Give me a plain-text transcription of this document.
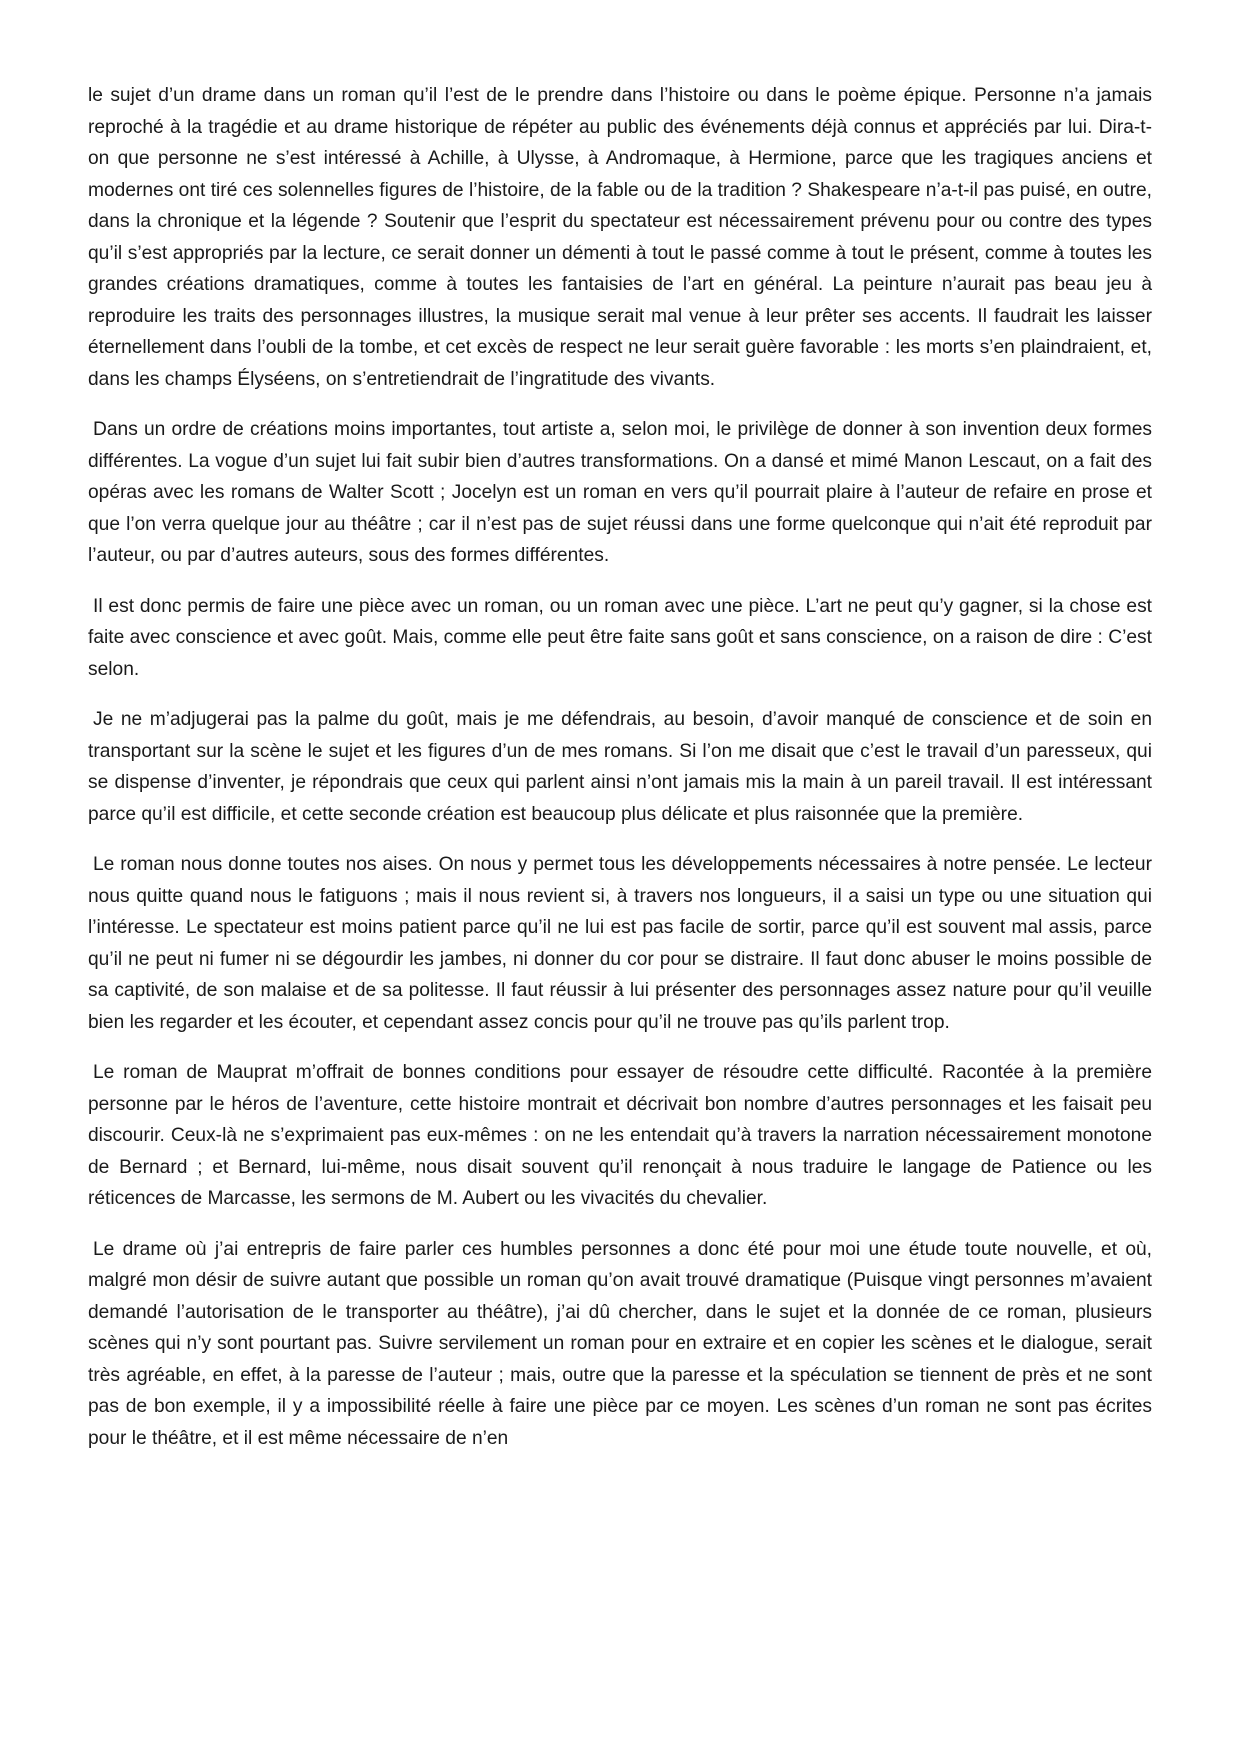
le sujet d’un drame dans un roman qu’il l’est de le prendre dans l’histoire ou dans le poème épique. Personne n’a jamais reproché à la tragédie et au drame historique de répéter au public des événements déjà connus et appréciés par lui. Dira-t-on que personne ne s’est intéressé à Achille, à Ulysse, à Andromaque, à Hermione, parce que les tragiques anciens et modernes ont tiré ces solennelles figures de l’histoire, de la fable ou de la tradition ? Shakespeare n’a-t-il pas puisé, en outre, dans la chronique et la légende ? Soutenir que l’esprit du spectateur est nécessairement prévenu pour ou contre des types qu’il s’est appropriés par la lecture, ce serait donner un démenti à tout le passé comme à tout le présent, comme à toutes les grandes créations dramatiques, comme à toutes les fantaisies de l’art en général. La peinture n’aurait pas beau jeu à reproduire les traits des personnages illustres, la musique serait mal venue à leur prêter ses accents. Il faudrait les laisser éternellement dans l’oubli de la tombe, et cet excès de respect ne leur serait guère favorable : les morts s’en plaindraient, et, dans les champs Élyséens, on s’entretiendrait de l’ingratitude des vivants.

Dans un ordre de créations moins importantes, tout artiste a, selon moi, le privilège de donner à son invention deux formes différentes. La vogue d’un sujet lui fait subir bien d’autres transformations. On a dansé et mimé Manon Lescaut, on a fait des opéras avec les romans de Walter Scott ; Jocelyn est un roman en vers qu’il pourrait plaire à l’auteur de refaire en prose et que l’on verra quelque jour au théâtre ; car il n’est pas de sujet réussi dans une forme quelconque qui n’ait été reproduit par l’auteur, ou par d’autres auteurs, sous des formes différentes.

Il est donc permis de faire une pièce avec un roman, ou un roman avec une pièce. L’art ne peut qu’y gagner, si la chose est faite avec conscience et avec goût. Mais, comme elle peut être faite sans goût et sans conscience, on a raison de dire : C’est selon.

Je ne m’adjugerai pas la palme du goût, mais je me défendrais, au besoin, d’avoir manqué de conscience et de soin en transportant sur la scène le sujet et les figures d’un de mes romans. Si l’on me disait que c’est le travail d’un paresseux, qui se dispense d’inventer, je répondrais que ceux qui parlent ainsi n’ont jamais mis la main à un pareil travail. Il est intéressant parce qu’il est difficile, et cette seconde création est beaucoup plus délicate et plus raisonnée que la première.

Le roman nous donne toutes nos aises. On nous y permet tous les développements nécessaires à notre pensée. Le lecteur nous quitte quand nous le fatiguons ; mais il nous revient si, à travers nos longueurs, il a saisi un type ou une situation qui l’intéresse. Le spectateur est moins patient parce qu’il ne lui est pas facile de sortir, parce qu’il est souvent mal assis, parce qu’il ne peut ni fumer ni se dégourdir les jambes, ni donner du cor pour se distraire. Il faut donc abuser le moins possible de sa captivité, de son malaise et de sa politesse. Il faut réussir à lui présenter des personnages assez nature pour qu’il veuille bien les regarder et les écouter, et cependant assez concis pour qu’il ne trouve pas qu’ils parlent trop.

Le roman de Mauprat m’offrait de bonnes conditions pour essayer de résoudre cette difficulté. Racontée à la première personne par le héros de l’aventure, cette histoire montrait et décrivait bon nombre d’autres personnages et les faisait peu discourir. Ceux-là ne s’exprimaient pas eux-mêmes : on ne les entendait qu’à travers la narration nécessairement monotone de Bernard ; et Bernard, lui-même, nous disait souvent qu’il renonçait à nous traduire le langage de Patience ou les réticences de Marcasse, les sermons de M. Aubert ou les vivacités du chevalier.

Le drame où j’ai entrepris de faire parler ces humbles personnes a donc été pour moi une étude toute nouvelle, et où, malgré mon désir de suivre autant que possible un roman qu’on avait trouvé dramatique (Puisque vingt personnes m’avaient demandé l’autorisation de le transporter au théâtre), j’ai dû chercher, dans le sujet et la donnée de ce roman, plusieurs scènes qui n’y sont pourtant pas. Suivre servilement un roman pour en extraire et en copier les scènes et le dialogue, serait très agréable, en effet, à la paresse de l’auteur ; mais, outre que la paresse et la spéculation se tiennent de près et ne sont pas de bon exemple, il y a impossibilité réelle à faire une pièce par ce moyen. Les scènes d’un roman ne sont pas écrites pour le théâtre, et il est même nécessaire de n’en
